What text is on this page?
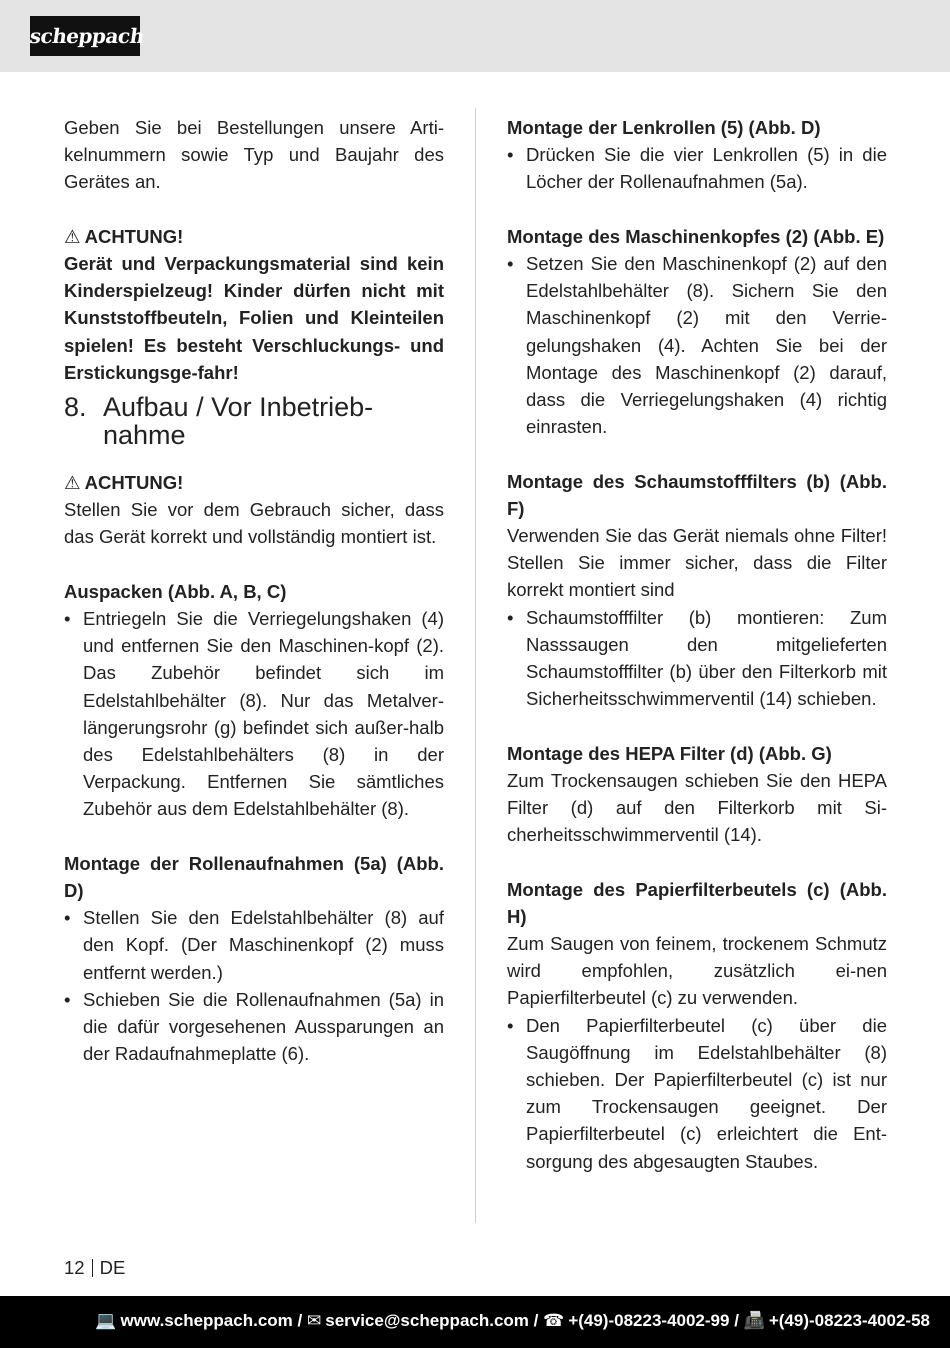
scheppach

Geben Sie bei Bestellungen unsere Arti-kelnummern sowie Typ und Baujahr des Gerätes an.

⚠ ACHTUNG!

Gerät und Verpackungsmaterial sind kein Kinderspielzeug! Kinder dürfen nicht mit Kunststoffbeuteln, Folien und Kleinteilen spielen! Es besteht Verschluckungs- und Erstickungsge-fahr!

8. Aufbau / Vor Inbetrieb-
nahme

⚠ ACHTUNG!

Stellen Sie vor dem Gebrauch sicher, dass das Gerät korrekt und vollständig montiert ist.

Auspacken (Abb. A, B, C)

• Entriegeln Sie die Verriegelungshaken (4) und entfernen Sie den Maschinen-kopf (2). Das Zubehör befindet sich im Edelstahlbehälter (8). Nur das Metalver-längerungsrohr (g) befindet sich außer-halb des Edelstahlbehälters (8) in der Verpackung. Entfernen Sie sämtliches Zubehör aus dem Edelstahlbehälter (8).

Montage der Rollenaufnahmen (5a) (Abb. D)

• Stellen Sie den Edelstahlbehälter (8) auf den Kopf. (Der Maschinenkopf (2) muss entfernt werden.)
• Schieben Sie die Rollenaufnahmen (5a) in die dafür vorgesehenen Aussparungen an der Radaufnahmeplatte (6).

Montage der Lenkrollen (5) (Abb. D)

• Drücken Sie die vier Lenkrollen (5) in die Löcher der Rollenaufnahmen (5a).

Montage des Maschinenkopfes (2) (Abb. E)

• Setzen Sie den Maschinenkopf (2) auf den Edelstahlbehälter (8). Sichern Sie den Maschinenkopf (2) mit den Verrie-gelungshaken (4). Achten Sie bei der Montage des Maschinenkopf (2) darauf, dass die Verriegelungshaken (4) richtig einrasten.

Montage des Schaumstofffilters (b) (Abb. F)

Verwenden Sie das Gerät niemals ohne Filter! Stellen Sie immer sicher, dass die Filter korrekt montiert sind

• Schaumstofffilter (b) montieren: Zum Nasssaugen den mitgelieferten Schaumstofffilter (b) über den Filterkorb mit Sicherheitsschwimmerventil (14) schieben.

Montage des HEPA Filter (d) (Abb. G)

Zum Trockensaugen schieben Sie den HEPA Filter (d) auf den Filterkorb mit Si-cherheitsschwimmerventil (14).

Montage des Papierfilterbeutels (c) (Abb. H)

Zum Saugen von feinem, trockenem Schmutz wird empfohlen, zusätzlich ei-nen Papierfilterbeutel (c) zu verwenden.

• Den Papierfilterbeutel (c) über die Saugöffnung im Edelstahlbehälter (8) schieben. Der Papierfilterbeutel (c) ist nur zum Trockensaugen geeignet. Der Papierfilterbeutel (c) erleichtert die Ent-sorgung des abgesaugten Staubes.
12 DE
💻 www.scheppach.com / ✉ service@scheppach.com / ☎ +(49)-08223-4002-99 / 📠 +(49)-08223-4002-58
